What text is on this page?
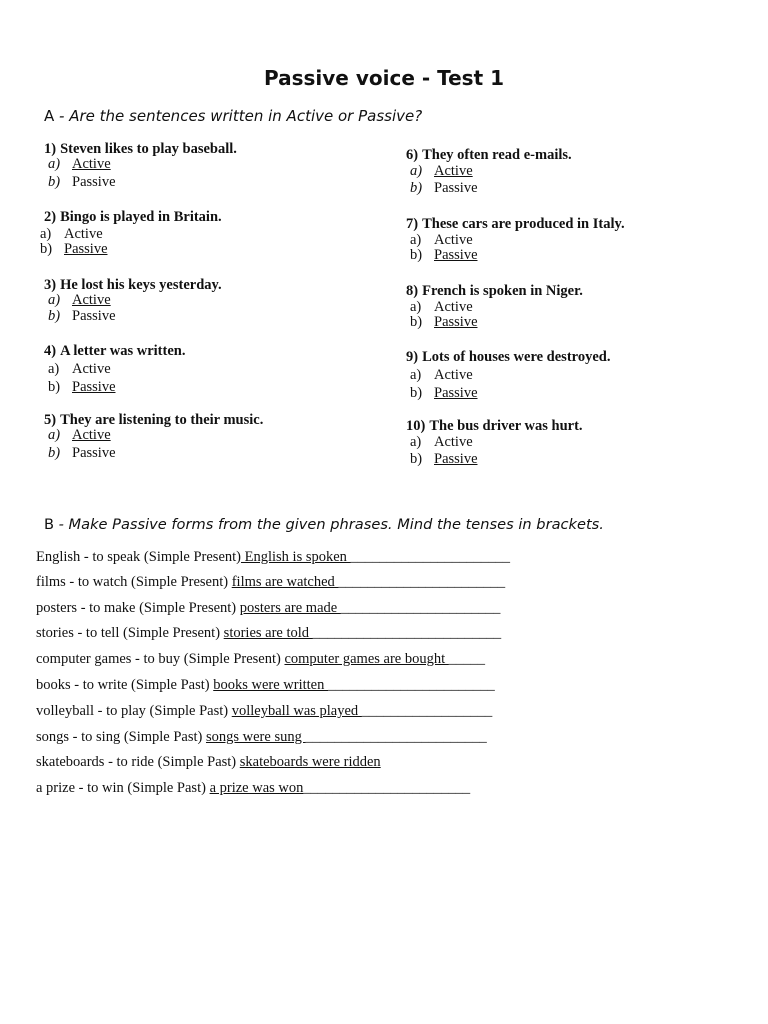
Passive voice - Test 1
A - Are the sentences written in Active or Passive?
1) Steven likes to play baseball.
a) Active
b) Passive
2) Bingo is played in Britain.
a) Active
b) Passive
3) He lost his keys yesterday.
a) Active
b) Passive
4) A letter was written.
a) Active
b) Passive
5) They are listening to their music.
a) Active
b) Passive
6) They often read e-mails.
a) Active
b) Passive
7) These cars are produced in Italy.
a) Active
b) Passive
8) French is spoken in Niger.
a) Active
b) Passive
9) Lots of houses were destroyed.
a) Active
b) Passive
10) The bus driver was hurt.
a) Active
b) Passive
B - Make Passive forms from the given phrases. Mind the tenses in brackets.
English - to speak (Simple Present) English is spoken ______________________
films - to watch (Simple Present) films are watched _______________________
posters - to make (Simple Present) posters are made ______________________
stories - to tell (Simple Present) stories are told __________________________
computer games - to buy (Simple Present) computer games are bought _____
books - to write (Simple Past) books were written _______________________
volleyball - to play (Simple Past) volleyball was played __________________
songs - to sing (Simple Past) songs were sung _________________________
skateboards - to ride (Simple Past) skateboards were ridden
a prize - to win (Simple Past) a prize was won_______________________
